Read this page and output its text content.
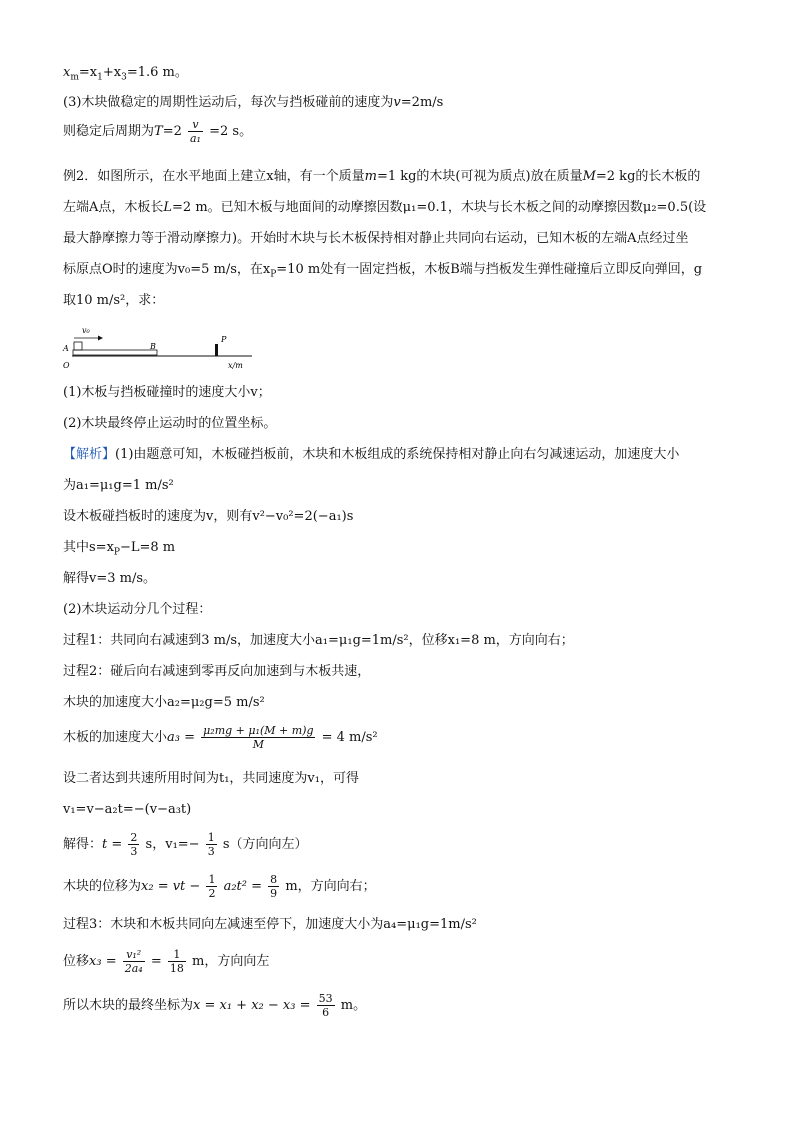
$x_m=x_1+x_3=1.6$ m。
(3)木块做稳定的周期性运动后，每次与挡板碰前的速度为v=2m/s
则稳定后周期为$T=2 \frac{v}{\text{a₁}} =2$ s。
例2．如图所示，在水平地面上建立x轴，有一个质量m=1 kg的木块(可视为质点)放在质量M=2 kg的长木板的
左端A点，木板长L=2 m。已知木板与地面间的动摩擦因数μ₁=0.1，木块与长木板之间的动摩擦因数μ₂=0.5(设
最大静摩擦力等于滑动摩擦力)。开始时木块与长木板保持相对静止共同向右运动，已知木板的左端A点经过坐
标原点O时的速度为v₀=5 m/s，在$x_P=10$ m处有一固定挡板，木板B端与挡板发生弹性碰撞后立即反向弹回，g
取10 m/s²，求：
v₀
A
O
B
P
x/m
(1)木板与挡板碰撞时的速度大小v；
(2)木块最终停止运动时的位置坐标。
【解析】(1)由题意可知，木板碰挡板前，木块和木板组成的系统保持相对静止向右匀减速运动，加速度大小
为a₁=μ₁g=1 m/s²
设木板碰挡板时的速度为v，则有v²−v₀²=2(−a₁)s
其中$s=x_P-L=8$ m
解得v=3 m/s。
(2)木块运动分几个过程：
过程1：共同向右减速到3 m/s，加速度大小a₁=μ₁g=1m/s²，位移x₁=8 m，方向向右；
过程2：碰后向右减速到零再反向加速到与木板共速，
木块的加速度大小a₂=μ₂g=5 m/s²
木板的加速度大小$a_3 = \frac{\text{μ₂mg + μ₁(M + m)g}}{M} = 4$ m/s²
设二者达到共速所用时间为t₁，共同速度为v₁，可得
v₁=v−a₂t=−(v−a₃t)
解得：$t = \frac{2}{3}$ s，$v_1=- \frac{1}{3} s$（方向向左）
木块的位移为x₂ = vt − $\frac{1}{2} a_2t^2 = \frac{8}{9}$ m，方向向右；
过程3：木块和木板共同向左减速至停下，加速度大小为a₄=μ₁g=1m/s²
位移$x_3 = \frac{\text{v₁²}}{\text{2a₄}} = \frac{1}{18}$ m，方向向左
所以木块的最终坐标为$x = x_1 + x_2 - x_3 = \frac{53}{6}$ m。
